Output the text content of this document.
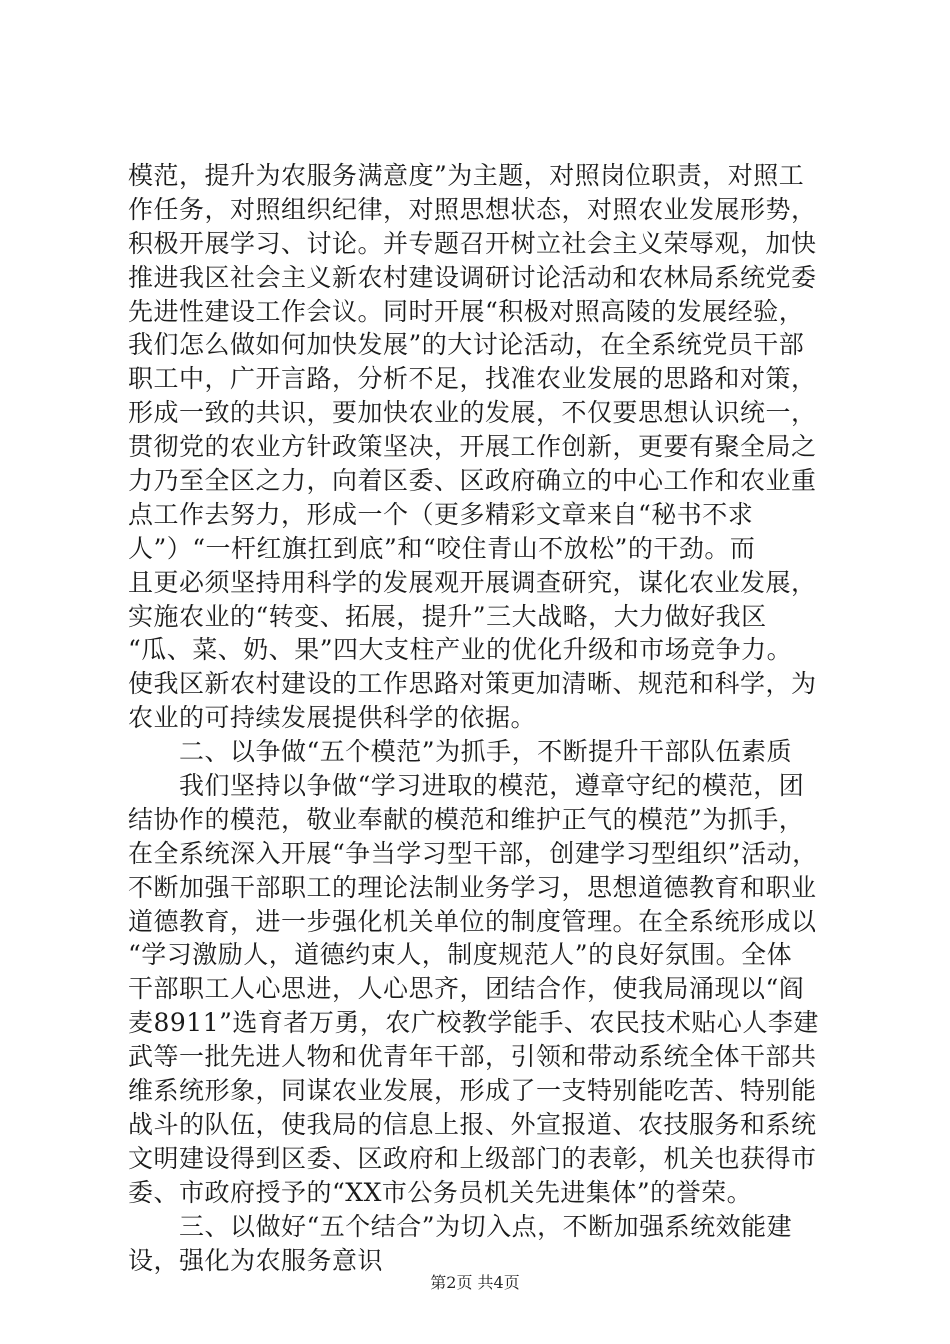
模范，提升为农服务满意度”为主题，对照岗位职责，对照工
作任务，对照组织纪律，对照思想状态，对照农业发展形势，
积极开展学习、讨论。并专题召开树立社会主义荣辱观，加快
推进我区社会主义新农村建设调研讨论活动和农林局系统党委
先进性建设工作会议。同时开展“积极对照高陵的发展经验，
我们怎么做如何加快发展”的大讨论活动，在全系统党员干部
职工中，广开言路，分析不足，找准农业发展的思路和对策，
形成一致的共识，要加快农业的发展，不仅要思想认识统一，
贯彻党的农业方针政策坚决，开展工作创新，更要有聚全局之
力乃至全区之力，向着区委、区政府确立的中心工作和农业重
点工作去努力，形成一个（更多精彩文章来自“秘书不求
人”）“一杆红旗扛到底”和“咬住青山不放松”的干劲。而
且更必须坚持用科学的发展观开展调查研究，谋化农业发展，
实施农业的“转变、拓展，提升”三大战略，大力做好我区
“瓜、菜、奶、果”四大支柱产业的优化升级和市场竞争力。
使我区新农村建设的工作思路对策更加清晰、规范和科学，为
农业的可持续发展提供科学的依据。
　　二、以争做“五个模范”为抓手，不断提升干部队伍素质
　　我们坚持以争做“学习进取的模范，遵章守纪的模范，团
结协作的模范，敬业奉献的模范和维护正气的模范”为抓手，
在全系统深入开展“争当学习型干部，创建学习型组织”活动，
不断加强干部职工的理论法制业务学习，思想道德教育和职业
道德教育，进一步强化机关单位的制度管理。在全系统形成以
“学习激励人，道德约束人，制度规范人”的良好氛围。全体
干部职工人心思进，人心思齐，团结合作，使我局涌现以“阎
麦8911”选育者万勇，农广校教学能手、农民技术贴心人李建
武等一批先进人物和优青年干部，引领和带动系统全体干部共
维系统形象，同谋农业发展，形成了一支特别能吃苦、特别能
战斗的队伍，使我局的信息上报、外宣报道、农技服务和系统
文明建设得到区委、区政府和上级部门的表彰，机关也获得市
委、市政府授予的“XX市公务员机关先进集体”的誉荣。
　　三、以做好“五个结合”为切入点，不断加强系统效能建
设，强化为农服务意识
第2页 共4页
